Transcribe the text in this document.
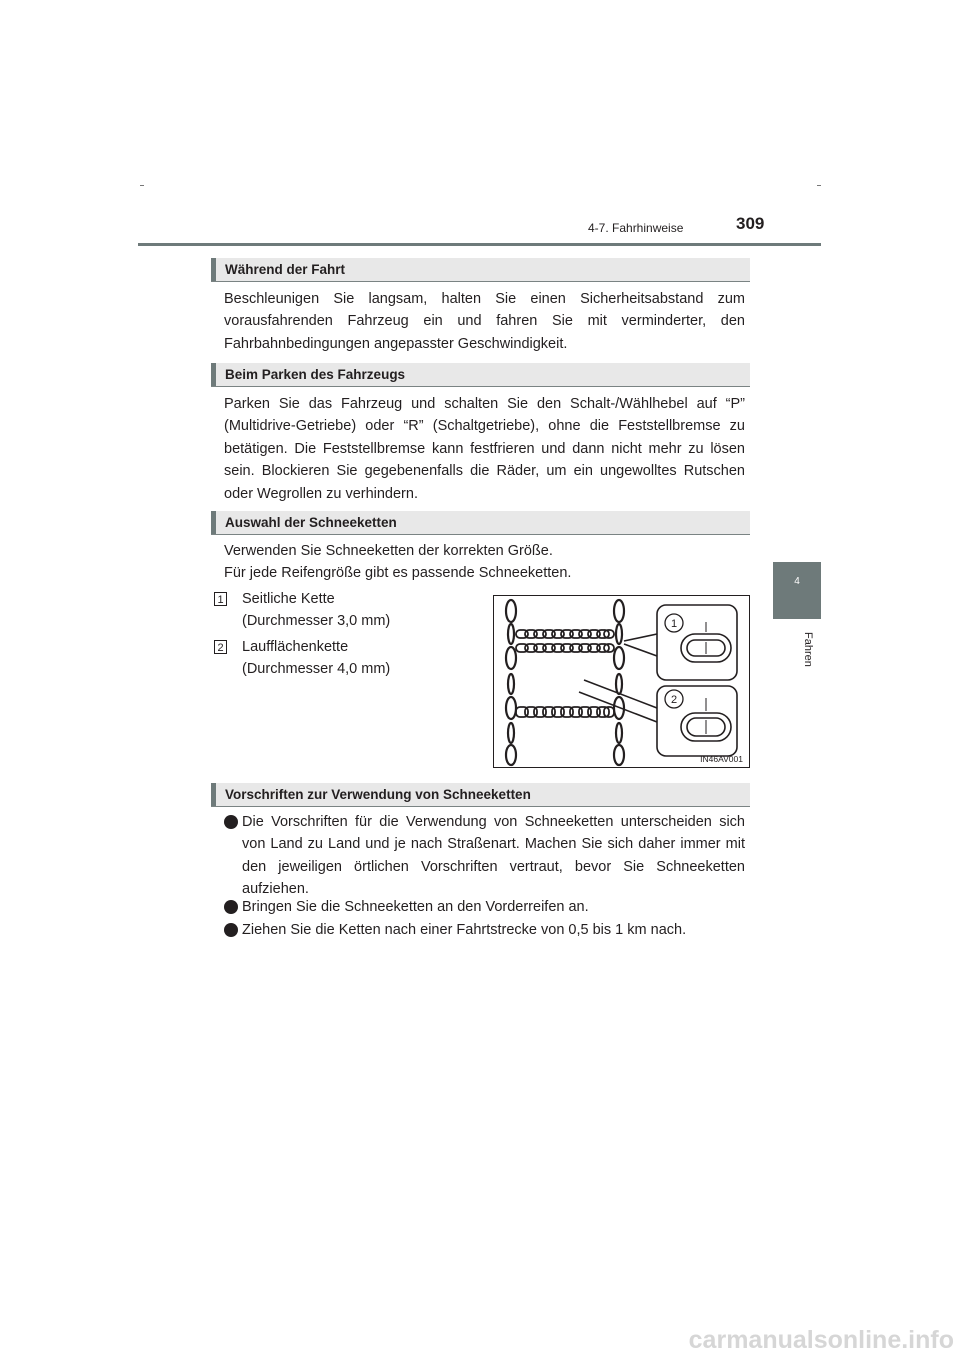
4-7. Fahrhinweise	309
4
Fahren
Während der Fahrt

Beschleunigen Sie langsam, halten Sie einen Sicherheitsabstand zum vorausfahrenden Fahrzeug ein und fahren Sie mit verminderter, den Fahrbahnbedingungen angepasster Geschwindigkeit.

Beim Parken des Fahrzeugs

Parken Sie das Fahrzeug und schalten Sie den Schalt-/Wählhebel auf “P” (Multidrive-Getriebe) oder “R” (Schaltgetriebe), ohne die Feststellbremse zu betätigen. Die Feststellbremse kann festfrieren und dann nicht mehr zu lösen sein. Blockieren Sie gegebenenfalls die Räder, um ein ungewolltes Rutschen oder Wegrollen zu verhindern.

Auswahl der Schneeketten
Verwenden Sie Schneeketten der korrekten Größe.
Für jede Reifengröße gibt es passende Schneeketten.
1 Seitliche Kette
(Durchmesser 3,0 mm)
2 Laufflächenkette
(Durchmesser 4,0 mm)
1
2
IN46AV001
Vorschriften zur Verwendung von Schneeketten

Die Vorschriften für die Verwendung von Schneeketten unterscheiden sich von Land zu Land und je nach Straßenart. Machen Sie sich daher immer mit den jeweiligen örtlichen Vorschriften vertraut, bevor Sie Schneeketten aufziehen.

Bringen Sie die Schneeketten an den Vorderreifen an.

Ziehen Sie die Ketten nach einer Fahrtstrecke von 0,5 bis 1 km nach.

carmanualsonline.info
